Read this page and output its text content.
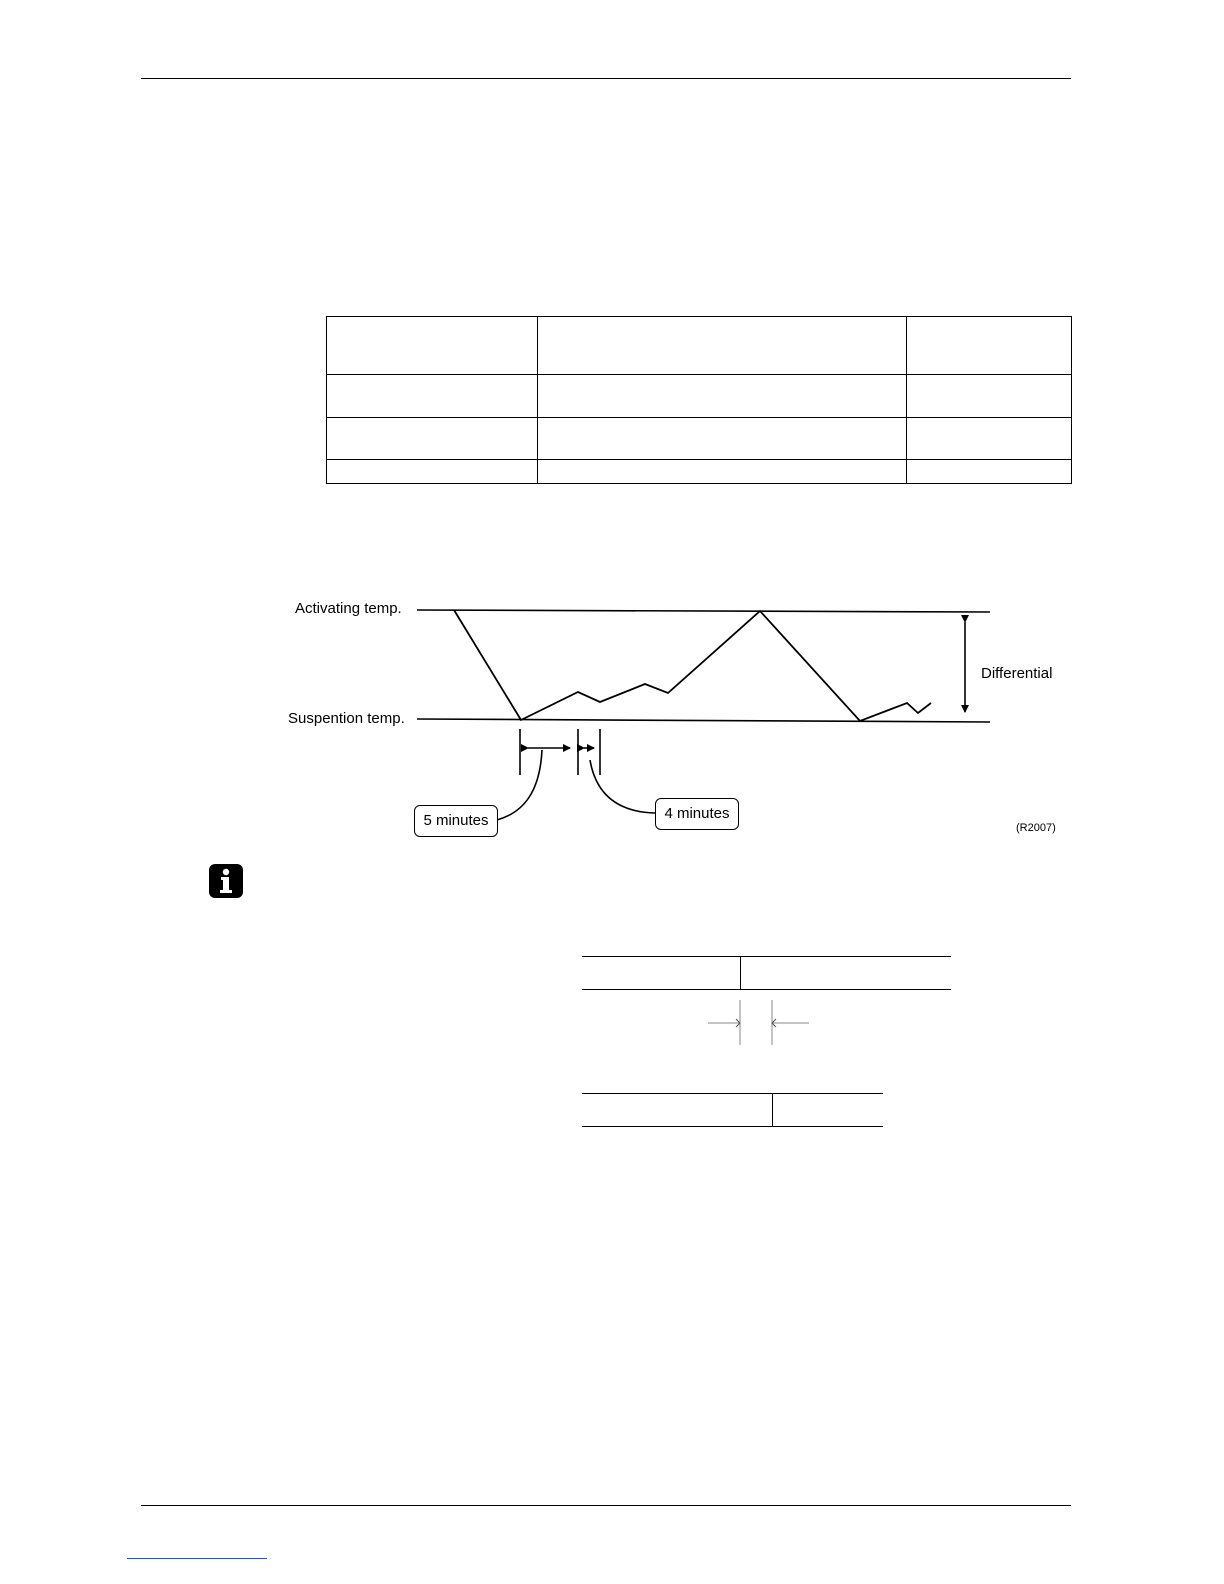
Activating temp.
Suspention temp.
Differential
5 minutes	4 minutes
(R2007)
